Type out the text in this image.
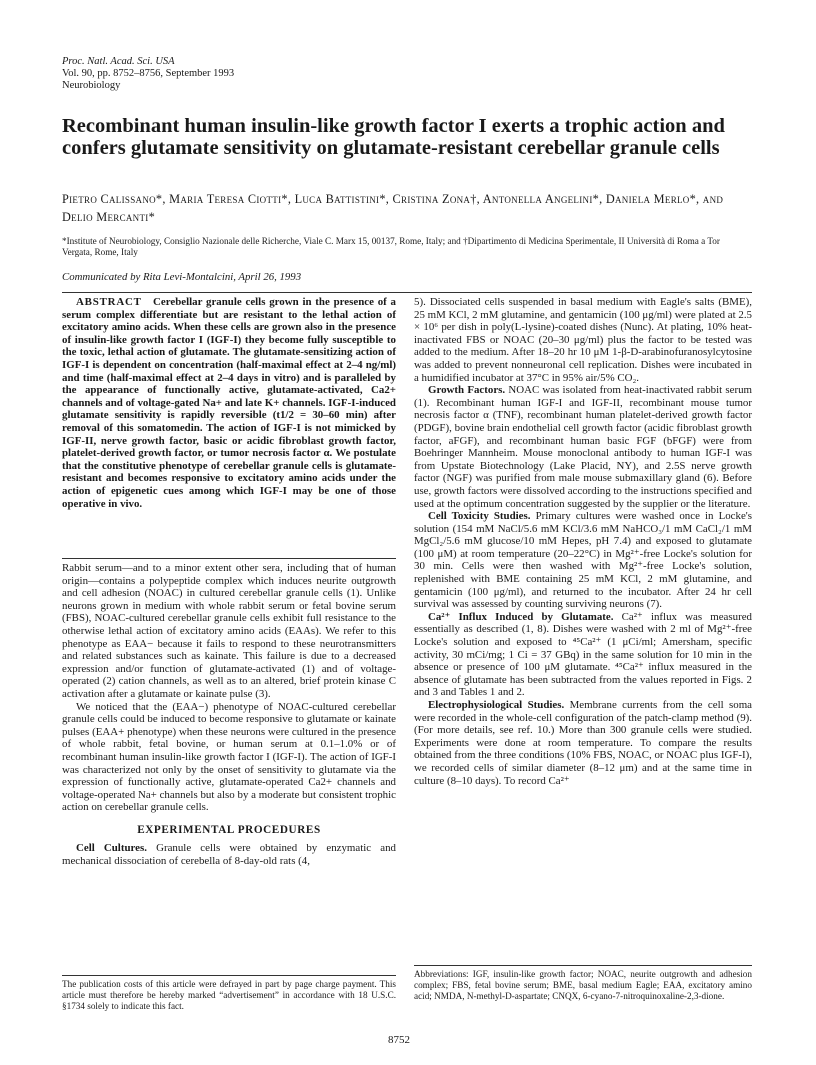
Proc. Natl. Acad. Sci. USA
Vol. 90, pp. 8752–8756, September 1993
Neurobiology
Recombinant human insulin-like growth factor I exerts a trophic action and confers glutamate sensitivity on glutamate-resistant cerebellar granule cells
Pietro Calissano*, Maria Teresa Ciotti*, Luca Battistini*, Cristina Zona†, Antonella Angelini*, Daniela Merlo*, and Delio Mercanti*
*Institute of Neurobiology, Consiglio Nazionale delle Richerche, Viale C. Marx 15, 00137, Rome, Italy; and †Dipartimento di Medicina Sperimentale, II Università di Roma a Tor Vergata, Rome, Italy
Communicated by Rita Levi-Montalcini, April 26, 1993

ABSTRACT Cerebellar granule cells grown in the presence of a serum complex differentiate but are resistant to the lethal action of excitatory amino acids. When these cells are grown also in the presence of insulin-like growth factor I (IGF-I) they become fully susceptible to the toxic, lethal action of glutamate. The glutamate-sensitizing action of IGF-I is dependent on concentration (half-maximal effect at 2–4 ng/ml) and time (half-maximal effect at 2–4 days in vitro) and is paralleled by the appearance of functionally active, glutamate-activated, Ca2+ channels and of voltage-gated Na+ and late K+ channels. IGF-I-induced glutamate sensitivity is rapidly reversible (t1/2 = 30–60 min) after removal of this somatomedin. The action of IGF-I is not mimicked by IGF-II, nerve growth factor, basic or acidic fibroblast growth factor, platelet-derived growth factor, or tumor necrosis factor α. We postulate that the constitutive phenotype of cerebellar granule cells is glutamate-resistant and becomes responsive to excitatory amino acids under the action of epigenetic cues among which IGF-I may be one of those operative in vivo.

Rabbit serum—and to a minor extent other sera, including that of human origin—contains a polypeptide complex which induces neurite outgrowth and cell adhesion (NOAC) in cultured cerebellar granule cells (1). Unlike neurons grown in medium with whole rabbit serum or fetal bovine serum (FBS), NOAC-cultured cerebellar granule cells exhibit full resistance to the otherwise lethal action of excitatory amino acids (EAAs). We refer to this phenotype as EAA− because it fails to respond to these neurotransmitters and related substances such as kainate. This failure is due to a decreased expression and/or function of glutamate-activated (1) and of voltage-operated (2) cation channels, as well as to an altered, brief protein kinase C activation after a glutamate or kainate pulse (3).

We noticed that the (EAA−) phenotype of NOAC-cultured cerebellar granule cells could be induced to become responsive to glutamate or kainate pulses (EAA+ phenotype) when these neurons were cultured in the presence of whole rabbit, fetal bovine, or human serum at 0.1–1.0% or of recombinant human insulin-like growth factor I (IGF-I). The action of IGF-I was characterized not only by the onset of sensitivity to glutamate via the expression of functionally active, glutamate-operated Ca2+ channels and voltage-operated Na+ channels but also by a moderate but consistent trophic action on cerebellar granule cells.

EXPERIMENTAL PROCEDURES

Cell Cultures. Granule cells were obtained by enzymatic and mechanical dissociation of cerebella of 8-day-old rats (4,

The publication costs of this article were defrayed in part by page charge payment. This article must therefore be hereby marked “advertisement” in accordance with 18 U.S.C. §1734 solely to indicate this fact.

5). Dissociated cells suspended in basal medium with Eagle's salts (BME), 25 mM KCl, 2 mM glutamine, and gentamicin (100 μg/ml) were plated at 2.5 × 10⁶ per dish in poly(L-lysine)-coated dishes (Nunc). At plating, 10% heat-inactivated FBS or NOAC (20–30 μg/ml) plus the factor to be tested was added to the medium. After 18–20 hr 10 μM 1-β-D-arabinofuranosylcytosine was added to prevent nonneuronal cell replication. Dishes were incubated in a humidified incubator at 37°C in 95% air/5% CO₂.

Growth Factors. NOAC was isolated from heat-inactivated rabbit serum (1). Recombinant human IGF-I and IGF-II, recombinant mouse tumor necrosis factor α (TNF), recombinant human platelet-derived growth factor (PDGF), bovine brain endothelial cell growth factor (acidic fibroblast growth factor, aFGF), and recombinant human basic FGF (bFGF) were from Boehringer Mannheim. Mouse monoclonal antibody to human IGF-I was from Upstate Biotechnology (Lake Placid, NY), and 2.5S nerve growth factor (NGF) was purified from male mouse submaxillary gland (6). Before use, growth factors were dissolved according to the instructions specified and used at the optimum concentration suggested by the supplier or the literature.

Cell Toxicity Studies. Primary cultures were washed once in Locke's solution (154 mM NaCl/5.6 mM KCl/3.6 mM NaHCO₃/1 mM CaCl₂/1 mM MgCl₂/5.6 mM glucose/10 mM Hepes, pH 7.4) and exposed to glutamate (100 μM) at room temperature (20–22°C) in Mg²⁺-free Locke's solution for 30 min. Cells were then washed with Mg²⁺-free Locke's solution, replenished with BME containing 25 mM KCl, 2 mM glutamine, and gentamicin (100 μg/ml), and returned to the incubator. After 24 hr cell survival was assessed by counting surviving neurons (7).

Ca²⁺ Influx Induced by Glutamate. Ca²⁺ influx was measured essentially as described (1, 8). Dishes were washed with 2 ml of Mg²⁺-free Locke's solution and exposed to ⁴⁵Ca²⁺ (1 μCi/ml; Amersham, specific activity, 30 mCi/mg; 1 Ci = 37 GBq) in the same solution for 10 min in the absence or presence of 100 μM glutamate. ⁴⁵Ca²⁺ influx measured in the absence of glutamate has been subtracted from the values reported in Figs. 2 and 3 and Tables 1 and 2.

Electrophysiological Studies. Membrane currents from the cell soma were recorded in the whole-cell configuration of the patch-clamp method (9). (For more details, see ref. 10.) More than 300 granule cells were studied. Experiments were done at room temperature. To compare the results obtained from the three conditions (10% FBS, NOAC, or NOAC plus IGF-I), we recorded cells of similar diameter (8–12 μm) and at the same time in culture (8–10 days). To record Ca²⁺

Abbreviations: IGF, insulin-like growth factor; NOAC, neurite outgrowth and adhesion complex; FBS, fetal bovine serum; BME, basal medium Eagle; EAA, excitatory amino acid; NMDA, N-methyl-D-aspartate; CNQX, 6-cyano-7-nitroquinoxaline-2,3-dione.
8752
